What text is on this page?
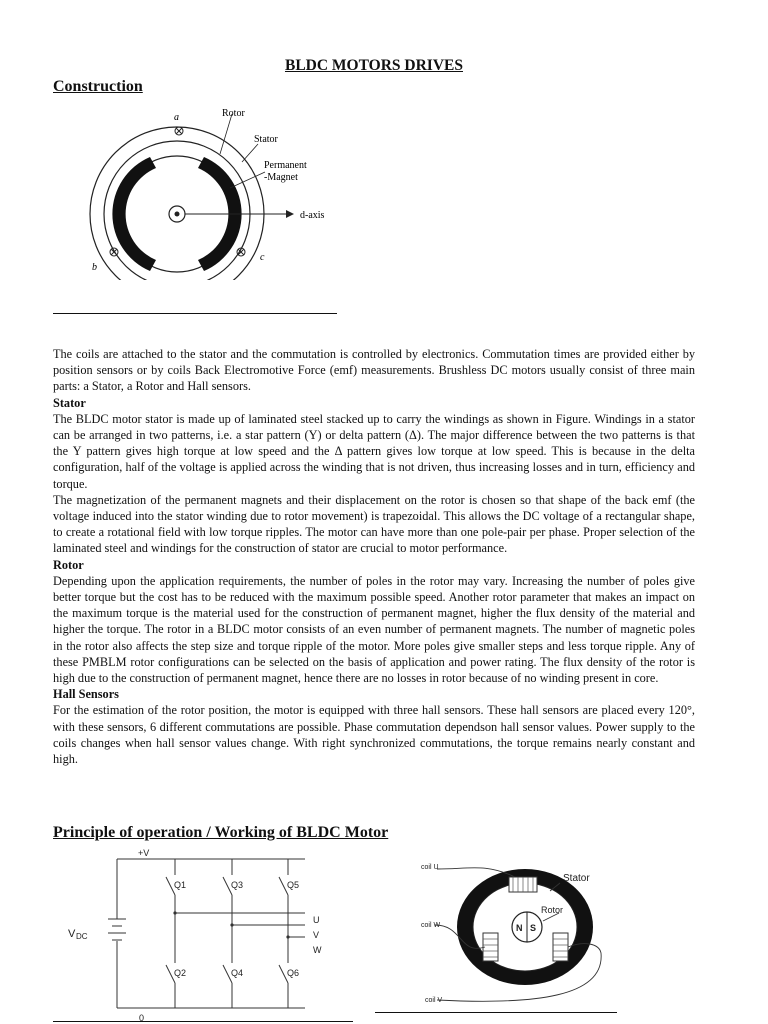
BLDC MOTORS DRIVES
Construction
a
b
c
Rotor
Stator
Permanent
-Magnet
d-axis

The coils are attached to the stator and the commutation is controlled by electronics. Commutation times are provided either by position sensors or by coils Back Electromotive Force (emf) measurements. Brushless DC motors usually consist of three main parts: a Stator, a Rotor and Hall sensors.

Stator

The BLDC motor stator is made up of laminated steel stacked up to carry the windings as shown in Figure. Windings in a stator can be arranged in two patterns, i.e. a star pattern (Y) or delta pattern (Δ). The major difference between the two patterns is that the Y pattern gives high torque at low speed and the Δ pattern gives low torque at low speed. This is because in the delta configuration, half of the voltage is applied across the winding that is not driven, thus increasing losses and in turn, efficiency and torque.

The magnetization of the permanent magnets and their displacement on the rotor is chosen so that shape of the back emf (the voltage induced into the stator winding due to rotor movement) is trapezoidal. This allows the DC voltage of a rectangular shape, to create a rotational field with low torque ripples. The motor can have more than one pole-pair per phase. Proper selection of the laminated steel and windings for the construction of stator are crucial to motor performance.

Rotor

Depending upon the application requirements, the number of poles in the rotor may vary. Increasing the number of poles give better torque but the cost has to be reduced with the maximum possible speed. Another rotor parameter that makes an impact on the maximum torque is the material used for the construction of permanent magnet, higher the flux density of the material and higher the torque. The rotor in a BLDC motor consists of an even number of permanent magnets. The number of magnetic poles in the rotor also affects the step size and torque ripple of the motor. More poles give smaller steps and less torque ripple. Any of these PMBLM rotor configurations can be selected on the basis of application and power rating. The flux density of the rotor is high due to the construction of permanent magnet, hence there are no losses in rotor because of no winding present in core.

Hall Sensors

For the estimation of the rotor position, the motor is equipped with three hall sensors. These hall sensors are placed every 120°, with these sensors, 6 different commutations are possible. Phase commutation dependson hall sensor values. Power supply to the coils changes when hall sensor values change. With right synchronized commutations, the torque remains nearly constant and high.

Principle of operation / Working of BLDC Motor
+V
V DC
Q1
Q2
Q3
Q4
Q5
Q6
U
V
W
0
coil U
coil W
coil V
Stator
Rotor
N S
